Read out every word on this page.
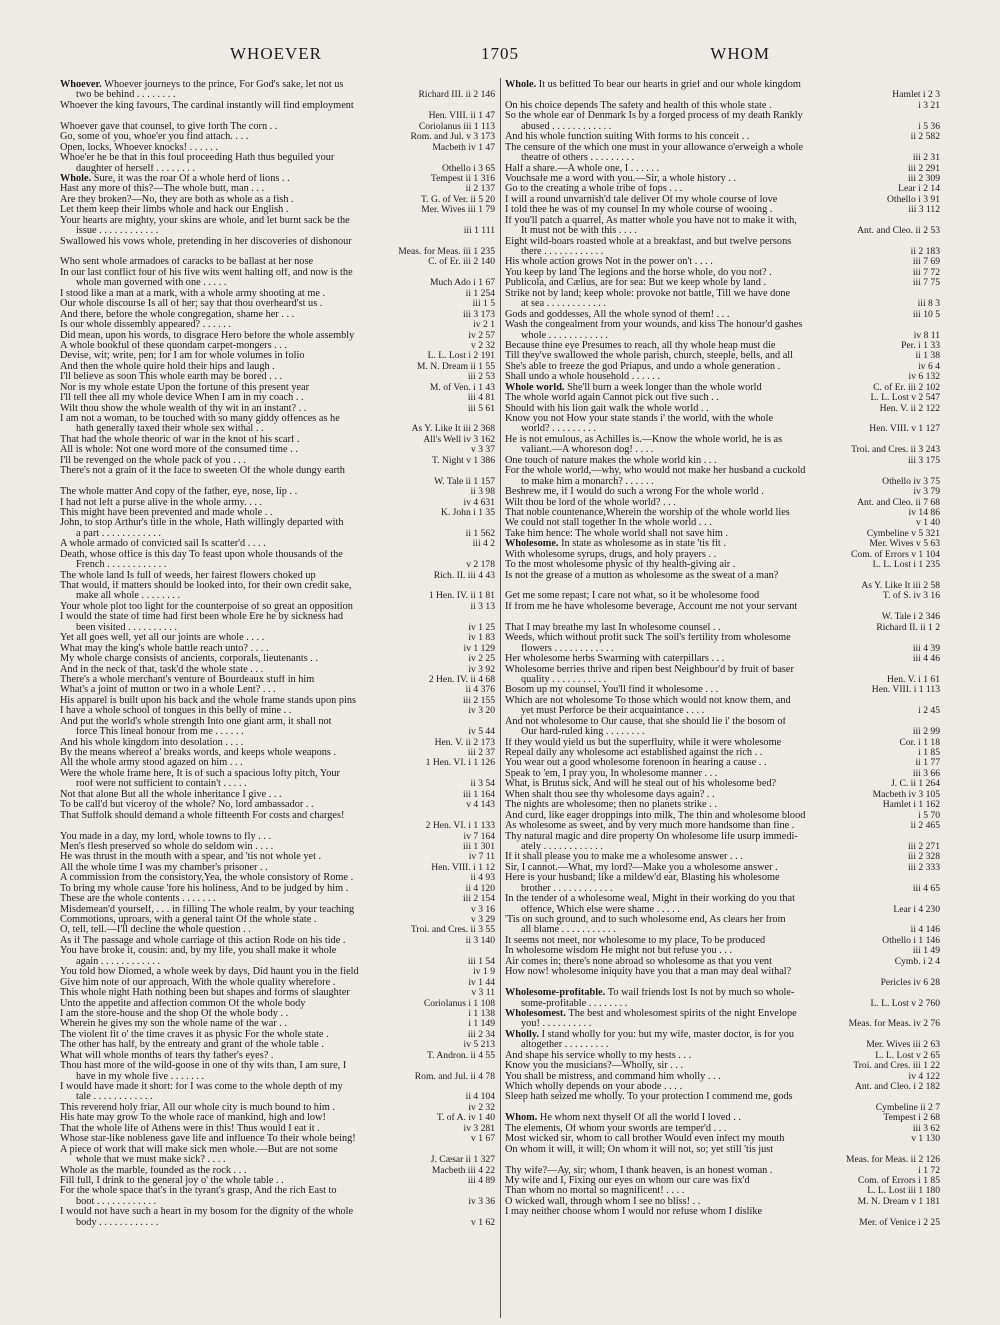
WHOEVER	1705	WHOM
Whoever. Whoever journeys to the prince, For God's sake, let not us
two be behind . . . . . . . .	Richard III. ii 2 146
Whoever the king favours, The cardinal instantly will find employment
Hen. VIII. ii 1 47
Whoever gave that counsel, to give forth The corn . .	Coriolanus iii 1 113
Go, some of you, whoe'er you find attach. . . .	Rom. and Jul. v 3 173
Open, locks, Whoever knocks! . . . . . .	Macbeth iv 1 47
Whoe'er he be that in this foul proceeding Hath thus beguiled your
daughter of herself . . . . . . . .	Othello i 3 65
Whole. Sure, it was the roar Of a whole herd of lions . .	Tempest ii 1 316
Hast any more of this?—The whole butt, man . . .	ii 2 137
Are they broken?—No, they are both as whole as a fish .	T. G. of Ver. ii 5 20
Let them keep their limbs whole and hack our English .	Mer. Wives iii 1 79
Your hearts are mighty, your skins are whole, and let burnt sack be the
issue . . . . . . . . . . . .	iii 1 111
Swallowed his vows whole, pretending in her discoveries of dishonour
Meas. for Meas. iii 1 235
Who sent whole armadoes of caracks to be ballast at her nose	C. of Er. iii 2 140
In our last conflict four of his five wits went halting off, and now is the
whole man governed with one . . . . .	Much Ado i 1 67
I stood like a man at a mark, with a whole army shooting at me .	ii 1 254
Our whole discourse Is all of her; say that thou overheard'st us .	iii 1 5
And there, before the whole congregation, shame her . . .	iii 3 173
Is our whole dissembly appeared? . . . . . .	iv 2 1
Did mean, upon his words, to disgrace Hero before the whole assembly	iv 2 57
A whole bookful of these quondam carpet-mongers . . .	v 2 32
Devise, wit; write, pen; for I am for whole volumes in folio	L. L. Lost i 2 191
And then the whole quire hold their hips and laugh .	M. N. Dream ii 1 55
I'll believe as soon This whole earth may be bored . . .	iii 2 53
Nor is my whole estate Upon the fortune of this present year	M. of Ven. i 1 43
I'll tell thee all my whole device When I am in my coach . .	iii 4 81
Wilt thou show the whole wealth of thy wit in an instant? . .	iii 5 61
I am not a woman, to be touched with so many giddy offences as he
hath generally taxed their whole sex withal . .	As Y. Like It iii 2 368
That had the whole theoric of war in the knot of his scarf .	All's Well iv 3 162
All is whole: Not one word more of the consumed time . .	v 3 37
I'll be revenged on the whole pack of you . . .	T. Night v 1 386
There's not a grain of it the face to sweeten Of the whole dungy earth
W. Tale ii 1 157
The whole matter And copy of the father, eye, nose, lip . .	ii 3 98
I had not left a purse alive in the whole army. . . .	iv 4 631
This might have been prevented and made whole . .	K. John i 1 35
John, to stop Arthur's title in the whole, Hath willingly departed with
a part . . . . . . . . . . . .	ii 1 562
A whole armado of convicted sail Is scatter'd . . . .	iii 4 2
Death, whose office is this day To feast upon whole thousands of the
French . . . . . . . . . . . .	v 2 178
The whole land Is full of weeds, her fairest flowers choked up	Rich. II. iii 4 43
That would, if matters should be looked into, for their own credit sake,
make all whole . . . . . . . .	1 Hen. IV. ii 1 81
Your whole plot too light for the counterpoise of so great an opposition	ii 3 13
I would the state of time had first been whole Ere he by sickness had
been visited . . . . . . . . . .	iv 1 25
Yet all goes well, yet all our joints are whole . . . .	iv 1 83
What may the king's whole battle reach unto? . . . .	iv 1 129
My whole charge consists of ancients, corporals, lieutenants . .	iv 2 25
And in the neck of that, task'd the whole state . . .	iv 3 92
There's a whole merchant's venture of Bourdeaux stuff in him	2 Hen. IV. ii 4 68
What's a joint of mutton or two in a whole Lent? . . .	ii 4 376
His apparel is built upon his back and the whole frame stands upon pins	iii 2 155
I have a whole school of tongues in this belly of mine . .	iv 3 20
And put the world's whole strength Into one giant arm, it shall not
force This lineal honour from me . . . . . .	iv 5 44
And his whole kingdom into desolation . . . .	Hen. V. ii 2 173
By the means whereof a' breaks words, and keeps whole weapons .	iii 2 37
All the whole army stood agazed on him . . .	1 Hen. VI. i 1 126
Were the whole frame here, It is of such a spacious lofty pitch, Your
roof were not sufficient to contain't . . . . .	ii 3 54
Not that alone But all the whole inheritance I give . . .	iii 1 164
To be call'd but viceroy of the whole? No, lord ambassador . .	v 4 143
That Suffolk should demand a whole fifteenth For costs and charges!
2 Hen. VI. i 1 133
You made in a day, my lord, whole towns to fly . . .	iv 7 164
Men's flesh preserved so whole do seldom win . . . .	iii 1 301
He was thrust in the mouth with a spear, and 'tis not whole yet .	iv 7 11
All the whole time I was my chamber's prisoner . .	Hen. VIII. i 1 12
A commission from the consistory,Yea, the whole consistory of Rome .	ii 4 93
To bring my whole cause 'fore his holiness, And to be judged by him .	ii 4 120
These are the whole contents . . . . . . .	iii 2 154
Misdemean'd yourself, . . . in filling The whole realm, by your teaching	v 3 16
Commotions, uproars, with a general taint Of the whole state .	v 3 29
O, tell, tell.—I'll decline the whole question . .	Troi. and Cres. ii 3 55
As if The passage and whole carriage of this action Rode on his tide .	ii 3 140
You have broke it, cousin: and, by my life, you shall make it whole
again . . . . . . . . . . . .	iii 1 54
You told how Diomed, a whole week by days, Did haunt you in the field	iv 1 9
Give him note of our approach, With the whole quality wherefore .	iv 1 44
This whole night Hath nothing been but shapes and forms of slaughter	v 3 11
Unto the appetite and affection common Of the whole body	Coriolanus i 1 108
I am the store-house and the shop Of the whole body . .	i 1 138
Wherein he gives my son the whole name of the war . .	i 1 149
The violent fit o' the time craves it as physic For the whole state .	iii 2 34
The other has half, by the entreaty and grant of the whole table .	iv 5 213
What will whole months of tears thy father's eyes? .	T. Andron. ii 4 55
Thou hast more of the wild-goose in one of thy wits than, I am sure, I
have in my whole five . . . . . . .	Rom. and Jul. ii 4 78
I would have made it short: for I was come to the whole depth of my
tale . . . . . . . . . . . .	ii 4 104
This reverend holy friar, All our whole city is much bound to him .	iv 2 32
His hate may grow To the whole race of mankind, high and low!	T. of A. iv 1 40
That the whole life of Athens were in this! Thus would I eat it .	iv 3 281
Whose star-like nobleness gave life and influence To their whole being!	v 1 67
A piece of work that will make sick men whole.—But are not some
whole that we must make sick? . . . .	J. Cæsar ii 1 327
Whole as the marble, founded as the rock . . .	Macbeth iii 4 22
Fill full, I drink to the general joy o' the whole table . .	iii 4 89
For the whole space that's in the tyrant's grasp, And the rich East to
boot . . . . . . . . . . . .	iv 3 36
I would not have such a heart in my bosom for the dignity of the whole
body . . . . . . . . . . . .	v 1 62
Whole. It us befitted To bear our hearts in grief and our whole kingdom
Hamlet i 2 3
On his choice depends The safety and health of this whole state .	i 3 21
So the whole ear of Denmark Is by a forged process of my death Rankly
abused . . . . . . . . . . . .	i 5 36
And his whole function suiting With forms to his conceit . .	ii 2 582
The censure of the which one must in your allowance o'erweigh a whole
theatre of others . . . . . . . . .	iii 2 31
Half a share.—A whole one, I . . . . . .	iii 2 291
Vouchsafe me a word with you.—Sir, a whole history . .	iii 2 309
Go to the creating a whole tribe of fops . . .	Lear i 2 14
I will a round unvarnish'd tale deliver Of my whole course of love	Othello i 3 91
I told thee he was of my counsel In my whole course of wooing .	iii 3 112
If you'll patch a quarrel, As matter whole you have not to make it with,
It must not be with this . . . .	Ant. and Cleo. ii 2 53
Eight wild-boars roasted whole at a breakfast, and but twelve persons
there . . . . . . . . . . . .	ii 2 183
His whole action grows Not in the power on't . . . .	iii 7 69
You keep by land The legions and the horse whole, do you not? .	iii 7 72
Publicola, and Cælius, are for sea: But we keep whole by land .	iii 7 75
Strike not by land; keep whole: provoke not battle, Till we have done
at sea . . . . . . . . . . . .	iii 8 3
Gods and goddesses, All the whole synod of them! . . .	iii 10 5
Wash the congealment from your wounds, and kiss The honour'd gashes
whole . . . . . . . . . . . .	iv 8 11
Because thine eye Presumes to reach, all thy whole heap must die	Per. i 1 33
Till they've swallowed the whole parish, church, steeple, bells, and all	ii 1 38
She's able to freeze the god Priapus, and undo a whole generation .	iv 6 4
Shall undo a whole household . . . . . .	iv 6 132
Whole world. She'll burn a week longer than the whole world	C. of Er. iii 2 102
The whole world again Cannot pick out five such . .	L. L. Lost v 2 547
Should with his lion gait walk the whole world . .	Hen. V. ii 2 122
Know you not How your state stands i' the world, with the whole
world? . . . . . . . . .	Hen. VIII. v 1 127
He is not emulous, as Achilles is.—Know the whole world, he is as
valiant.—A whoreson dog! . . . .	Troi. and Cres. ii 3 243
One touch of nature makes the whole world kin . . .	iii 3 175
For the whole world,—why, who would not make her husband a cuckold
to make him a monarch? . . . . . .	Othello iv 3 75
Beshrew me, if I would do such a wrong For the whole world .	iv 3 79
Wilt thou be lord of the whole world? . . .	Ant. and Cleo. ii 7 68
That noble countenance,Wherein the worship of the whole world lies	iv 14 86
We could not stall together In the whole world . . .	v 1 40
Take him hence: The whole world shall not save him .	Cymbeline v 5 321
Wholesome. In state as wholesome as in state 'tis fit .	Mer. Wives v 5 63
With wholesome syrups, drugs, and holy prayers . .	Com. of Errors v 1 104
To the most wholesome physic of thy health-giving air .	L. L. Lost i 1 235
Is not the grease of a mutton as wholesome as the sweat of a man?
As Y. Like It iii 2 58
Get me some repast; I care not what, so it be wholesome food	T. of S. iv 3 16
If from me he have wholesome beverage, Account me not your servant
W. Tale i 2 346
That I may breathe my last In wholesome counsel . .	Richard II. ii 1 2
Weeds, which without profit suck The soil's fertility from wholesome
flowers . . . . . . . . . . . .	iii 4 39
Her wholesome herbs Swarming with caterpillars . . .	iii 4 46
Wholesome berries thrive and ripen best Neighbour'd by fruit of baser
quality . . . . . . . . . . .	Hen. V. i 1 61
Bosom up my counsel, You'll find it wholesome . . .	Hen. VIII. i 1 113
Which are not wholesome To those which would not know them, and
yet must Perforce be their acquaintance . . . .	i 2 45
And not wholesome to Our cause, that she should lie i' the bosom of
Our hard-ruled king . . . . . . . .	iii 2 99
If they would yield us but the superfluity, while it were wholesome	Cor. i 1 18
Repeal daily any wholesome act established against the rich . .	i 1 85
You wear out a good wholesome forenoon in hearing a cause . .	ii 1 77
Speak to 'em, I pray you, In wholesome manner . . .	iii 3 66
What, is Brutus sick, And will he steal out of his wholesome bed?	J. C. ii 1 264
When shalt thou see thy wholesome days again? . .	Macbeth iv 3 105
The nights are wholesome; then no planets strike . .	Hamlet i 1 162
And curd, like eager droppings into milk, The thin and wholesome blood	i 5 70
As wholesome as sweet, and by very much more handsome than fine .	ii 2 465
Thy natural magic and dire property On wholesome life usurp immedi-
ately . . . . . . . . . . . .	iii 2 271
If it shall please you to make me a wholesome answer . . .	iii 2 328
Sir, I cannot.—What, my lord?—Make you a wholesome answer .	iii 2 333
Here is your husband; like a mildew'd ear, Blasting his wholesome
brother . . . . . . . . . . . .	iii 4 65
In the tender of a wholesome weal, Might in their working do you that
offence, Which else were shame . . . . .	Lear i 4 230
'Tis on such ground, and to such wholesome end, As clears her from
all blame . . . . . . . . . . .	ii 4 146
It seems not meet, nor wholesome to my place, To be produced	Othello i 1 146
In wholesome wisdom He might not but refuse you . . .	iii 1 49
Air comes in; there's none abroad so wholesome as that you vent	Cymb. i 2 4
How now! wholesome iniquity have you that a man may deal withal?
Pericles iv 6 28
Wholesome-profitable. To wail friends lost Is not by much so whole-
some-profitable . . . . . . . .	L. L. Lost v 2 760
Wholesomest. The best and wholesomest spirits of the night Envelope
you! . . . . . . . . . .	Meas. for Meas. iv 2 76
Wholly. I stand wholly for you: but my wife, master doctor, is for you
altogether . . . . . . . . .	Mer. Wives iii 2 63
And shape his service wholly to my hests . . .	L. L. Lost v 2 65
Know you the musicians?—Wholly, sir . . .	Troi. and Cres. iii 1 22
You shall be mistress, and command him wholly . . .	iv 4 122
Which wholly depends on your abode . . . .	Ant. and Cleo. i 2 182
Sleep hath seized me wholly. To your protection I commend me, gods
Cymbeline ii 2 7
Whom. He whom next thyself Of all the world I loved . .	Tempest i 2 68
The elements, Of whom your swords are temper'd . . .	iii 3 62
Most wicked sir, whom to call brother Would even infect my mouth	v 1 130
On whom it will, it will; On whom it will not, so; yet still 'tis just
Meas. for Meas. ii 2 126
Thy wife?—Ay, sir; whom, I thank heaven, is an honest woman .	i 1 72
My wife and I, Fixing our eyes on whom our care was fix'd	Com. of Errors i 1 85
Than whom no mortal so magnificent! . . . .	L. L. Lost iii 1 180
O wicked wall, through whom I see no bliss! . .	M. N. Dream v 1 181
I may neither choose whom I would nor refuse whom I dislike
Mer. of Venice i 2 25
